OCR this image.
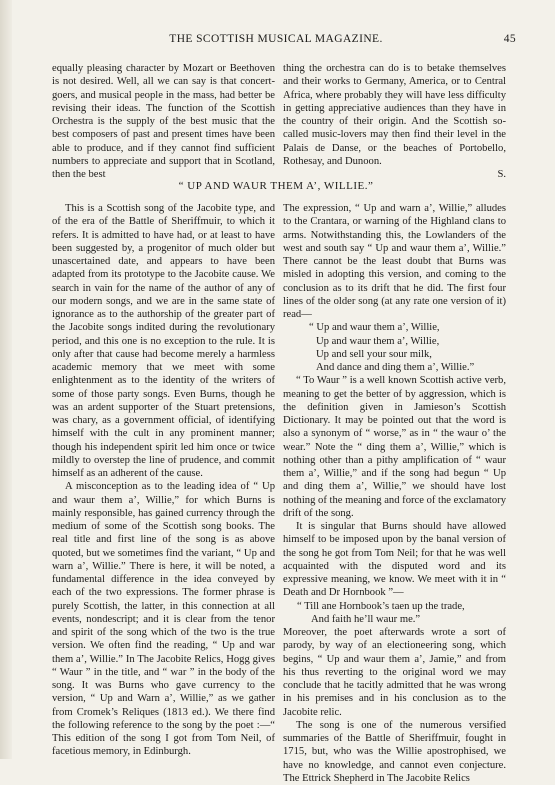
THE SCOTTISH MUSICAL MAGAZINE.	45

equally pleasing character by Mozart or Beethoven is not desired. Well, all we can say is that concert-goers, and musical people in the mass, had better be revising their ideas. The function of the Scottish Orchestra is the supply of the best music that the best composers of past and present times have been able to produce, and if they cannot find sufficient numbers to appreciate and support that in Scotland, then the best

thing the orchestra can do is to betake themselves and their works to Germany, America, or to Central Africa, where probably they will have less difficulty in getting appreciative audiences than they have in the country of their origin. And the Scottish so-called music-lovers may then find their level in the Palais de Danse, or the beaches of Portobello, Rothesay, and Dunoon.

S.

“ UP AND WAUR THEM A’, WILLIE.”

This is a Scottish song of the Jacobite type, and of the era of the Battle of Sheriffmuir, to which it refers. It is admitted to have had, or at least to have been suggested by, a progenitor of much older but unascertained date, and appears to have been adapted from its prototype to the Jacobite cause. We search in vain for the name of the author of any of our modern songs, and we are in the same state of ignorance as to the authorship of the greater part of the Jacobite songs indited during the revolutionary period, and this one is no exception to the rule. It is only after that cause had become merely a harmless academic memory that we meet with some enlightenment as to the identity of the writers of some of those party songs. Even Burns, though he was an ardent supporter of the Stuart pretensions, was chary, as a government official, of identifying himself with the cult in any prominent manner; though his independent spirit led him once or twice mildly to overstep the line of prudence, and commit himself as an adherent of the cause.

A misconception as to the leading idea of “ Up and waur them a’, Willie,” for which Burns is mainly responsible, has gained currency through the medium of some of the Scottish song books. The real title and first line of the song is as above quoted, but we sometimes find the variant, “ Up and warn a’, Willie.” There is here, it will be noted, a fundamental difference in the idea conveyed by each of the two expressions. The former phrase is purely Scottish, the latter, in this connection at all events, nondescript; and it is clear from the tenor and spirit of the song which of the two is the true version. We often find the reading, “ Up and war them a’, Willie.” In The Jacobite Relics, Hogg gives “ Waur ” in the title, and “ war ” in the body of the song. It was Burns who gave currency to the version, “ Up and Warn a’, Willie,” as we gather from Cromek’s Reliques (1813 ed.). We there find the following reference to the song by the poet :—“ This edition of the song I got from Tom Neil, of facetious memory, in Edinburgh.

The expression, “ Up and warn a’, Willie,” alludes to the Crantara, or warning of the Highland clans to arms. Notwithstanding this, the Lowlanders of the west and south say “ Up and waur them a’, Willie.” There cannot be the least doubt that Burns was misled in adopting this version, and coming to the conclusion as to its drift that he did. The first four lines of the older song (at any rate one version of it) read—

“ Up and waur them a’, Willie,
Up and waur them a’, Willie,
Up and sell your sour milk,
And dance and ding them a’, Willie.”

“ To Waur ” is a well known Scottish active verb, meaning to get the better of by aggression, which is the definition given in Jamieson’s Scottish Dictionary. It may be pointed out that the word is also a synonym of “ worse,” as in “ the waur o’ the wear.” Note the “ ding them a’, Willie,” which is nothing other than a pithy amplification of “ waur them a’, Willie,” and if the song had begun “ Up and ding them a’, Willie,” we should have lost nothing of the meaning and force of the exclamatory drift of the song.

It is singular that Burns should have allowed himself to be imposed upon by the banal version of the song he got from Tom Neil; for that he was well acquainted with the disputed word and its expressive meaning, we know. We meet with it in “ Death and Dr Hornbook ”—

“ Till ane Hornbook’s taen up the trade,
And faith he’ll waur me.”

Moreover, the poet afterwards wrote a sort of parody, by way of an electioneering song, which begins, “ Up and waur them a’, Jamie,” and from his thus reverting to the original word we may conclude that he tacitly admitted that he was wrong in his premises and in his conclusion as to the Jacobite relic.

The song is one of the numerous versified summaries of the Battle of Sheriffmuir, fought in 1715, but, who was the Willie apostrophised, we have no knowledge, and cannot even conjecture. The Ettrick Shepherd in The Jacobite Relics
